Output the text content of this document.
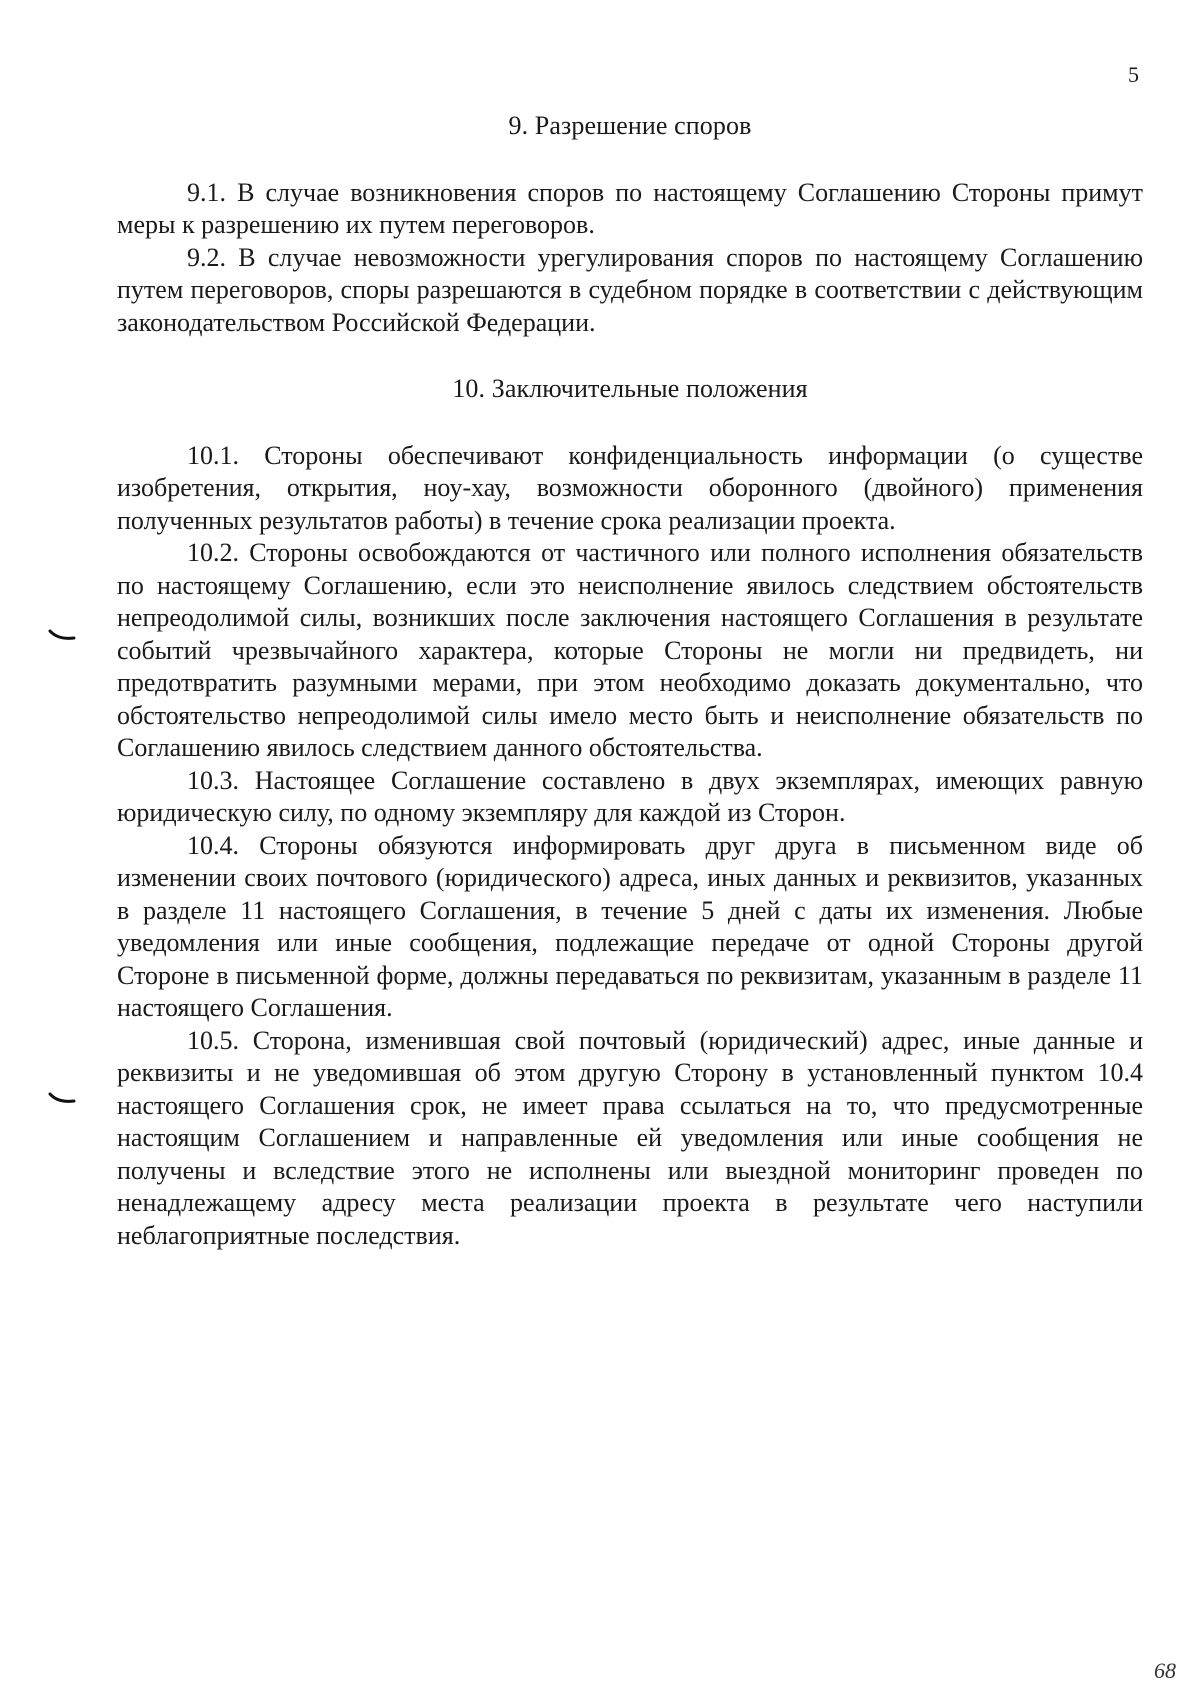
5
9. Разрешение споров

9.1. В случае возникновения споров по настоящему Соглашению Стороны примут меры к разрешению их путем переговоров.

9.2. В случае невозможности урегулирования споров по настоящему Соглашению путем переговоров, споры разрешаются в судебном порядке в соответствии с действующим законодательством Российской Федерации.

10. Заключительные положения

10.1. Стороны обеспечивают конфиденциальность информации (о существе изобретения, открытия, ноу-хау, возможности оборонного (двойного) применения полученных результатов работы) в течение срока реализации проекта.

10.2. Стороны освобождаются от частичного или полного исполнения обязательств по настоящему Соглашению, если это неисполнение явилось следствием обстоятельств непреодолимой силы, возникших после заключения настоящего Соглашения в результате событий чрезвычайного характера, которые Стороны не могли ни предвидеть, ни предотвратить разумными мерами, при этом необходимо доказать документально, что обстоятельство непреодолимой силы имело место быть и неисполнение обязательств по Соглашению явилось следствием данного обстоятельства.

10.3. Настоящее Соглашение составлено в двух экземплярах, имеющих равную юридическую силу, по одному экземпляру для каждой из Сторон.

10.4. Стороны обязуются информировать друг друга в письменном виде об изменении своих почтового (юридического) адреса, иных данных и реквизитов, указанных в разделе 11 настоящего Соглашения, в течение 5 дней с даты их изменения. Любые уведомления или иные сообщения, подлежащие передаче от одной Стороны другой Стороне в письменной форме, должны передаваться по реквизитам, указанным в разделе 11 настоящего Соглашения.

10.5. Сторона, изменившая свой почтовый (юридический) адрес, иные данные и реквизиты и не уведомившая об этом другую Сторону в установленный пунктом 10.4 настоящего Соглашения срок, не имеет права ссылаться на то, что предусмотренные настоящим Соглашением и направленные ей уведомления или иные сообщения не получены и вследствие этого не исполнены или выездной мониторинг проведен по ненадлежащему адресу места реализации проекта в результате чего наступили неблагоприятные последствия.

68
